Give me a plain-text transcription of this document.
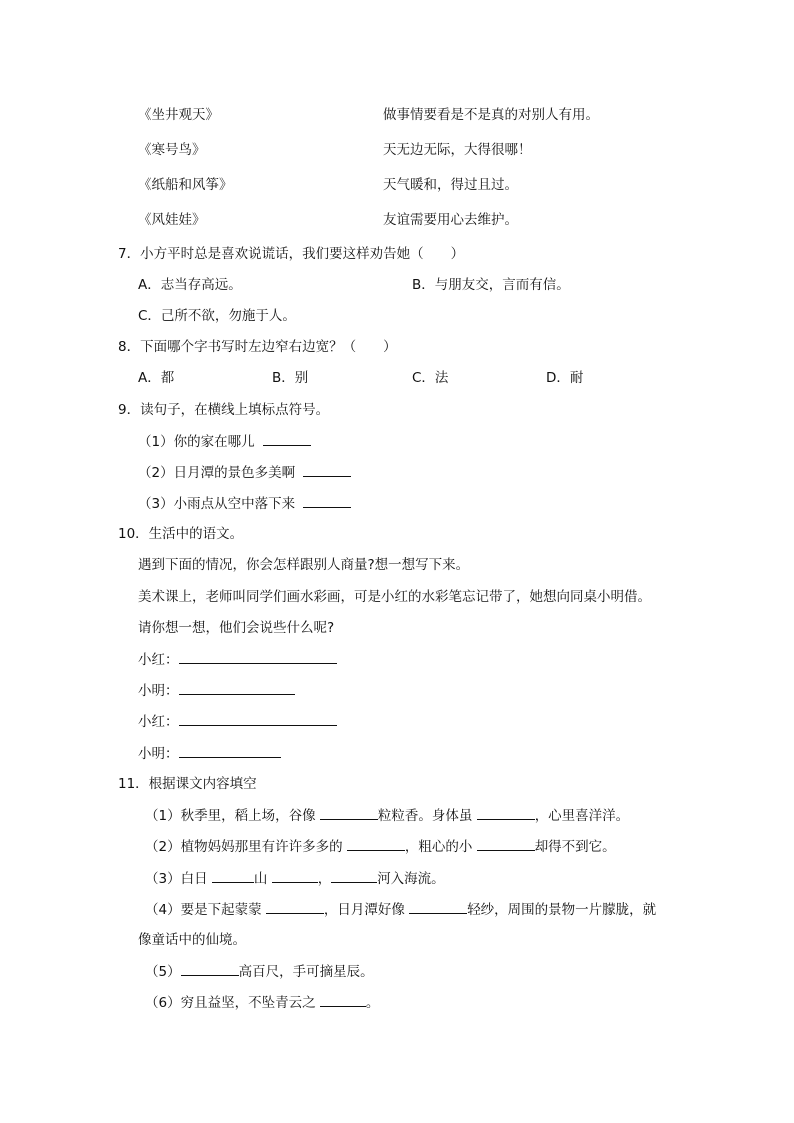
《坐井观天》	做事情要看是不是真的对别人有用。
《寒号鸟》	天无边无际，大得很哪！
《纸船和风筝》	天气暖和，得过且过。
《风娃娃》	友谊需要用心去维护。
7．小方平时总是喜欢说谎话，我们要这样劝告她（　　）
A．志当存高远。	B．与朋友交，言而有信。
C．己所不欲，勿施于人。
8．下面哪个字书写时左边窄右边宽？（　　）
A．都	B．别	C．法	D．耐
9．读句子，在横线上填标点符号。
（1）你的家在哪儿
（2）日月潭的景色多美啊
（3）小雨点从空中落下来
10．生活中的语文。
遇到下面的情况，你会怎样跟别人商量?想一想写下来。
美术课上，老师叫同学们画水彩画，可是小红的水彩笔忘记带了，她想向同桌小明借。
请你想一想，他们会说些什么呢?
小红：
小明：
小红：
小明：
11．根据课文内容填空
（1）秋季里，稻上场，谷像	粒粒香。身体虽	，心里喜洋洋。
（2）植物妈妈那里有许许多多的	，粗心的小	却得不到它。
（3）白日	山	，	河入海流。
（4）要是下起蒙蒙	，日月潭好像	轻纱，周围的景物一片朦胧，就
像童话中的仙境。
（5）	高百尺，手可摘星辰。
（6）穷且益坚，不坠青云之	。
